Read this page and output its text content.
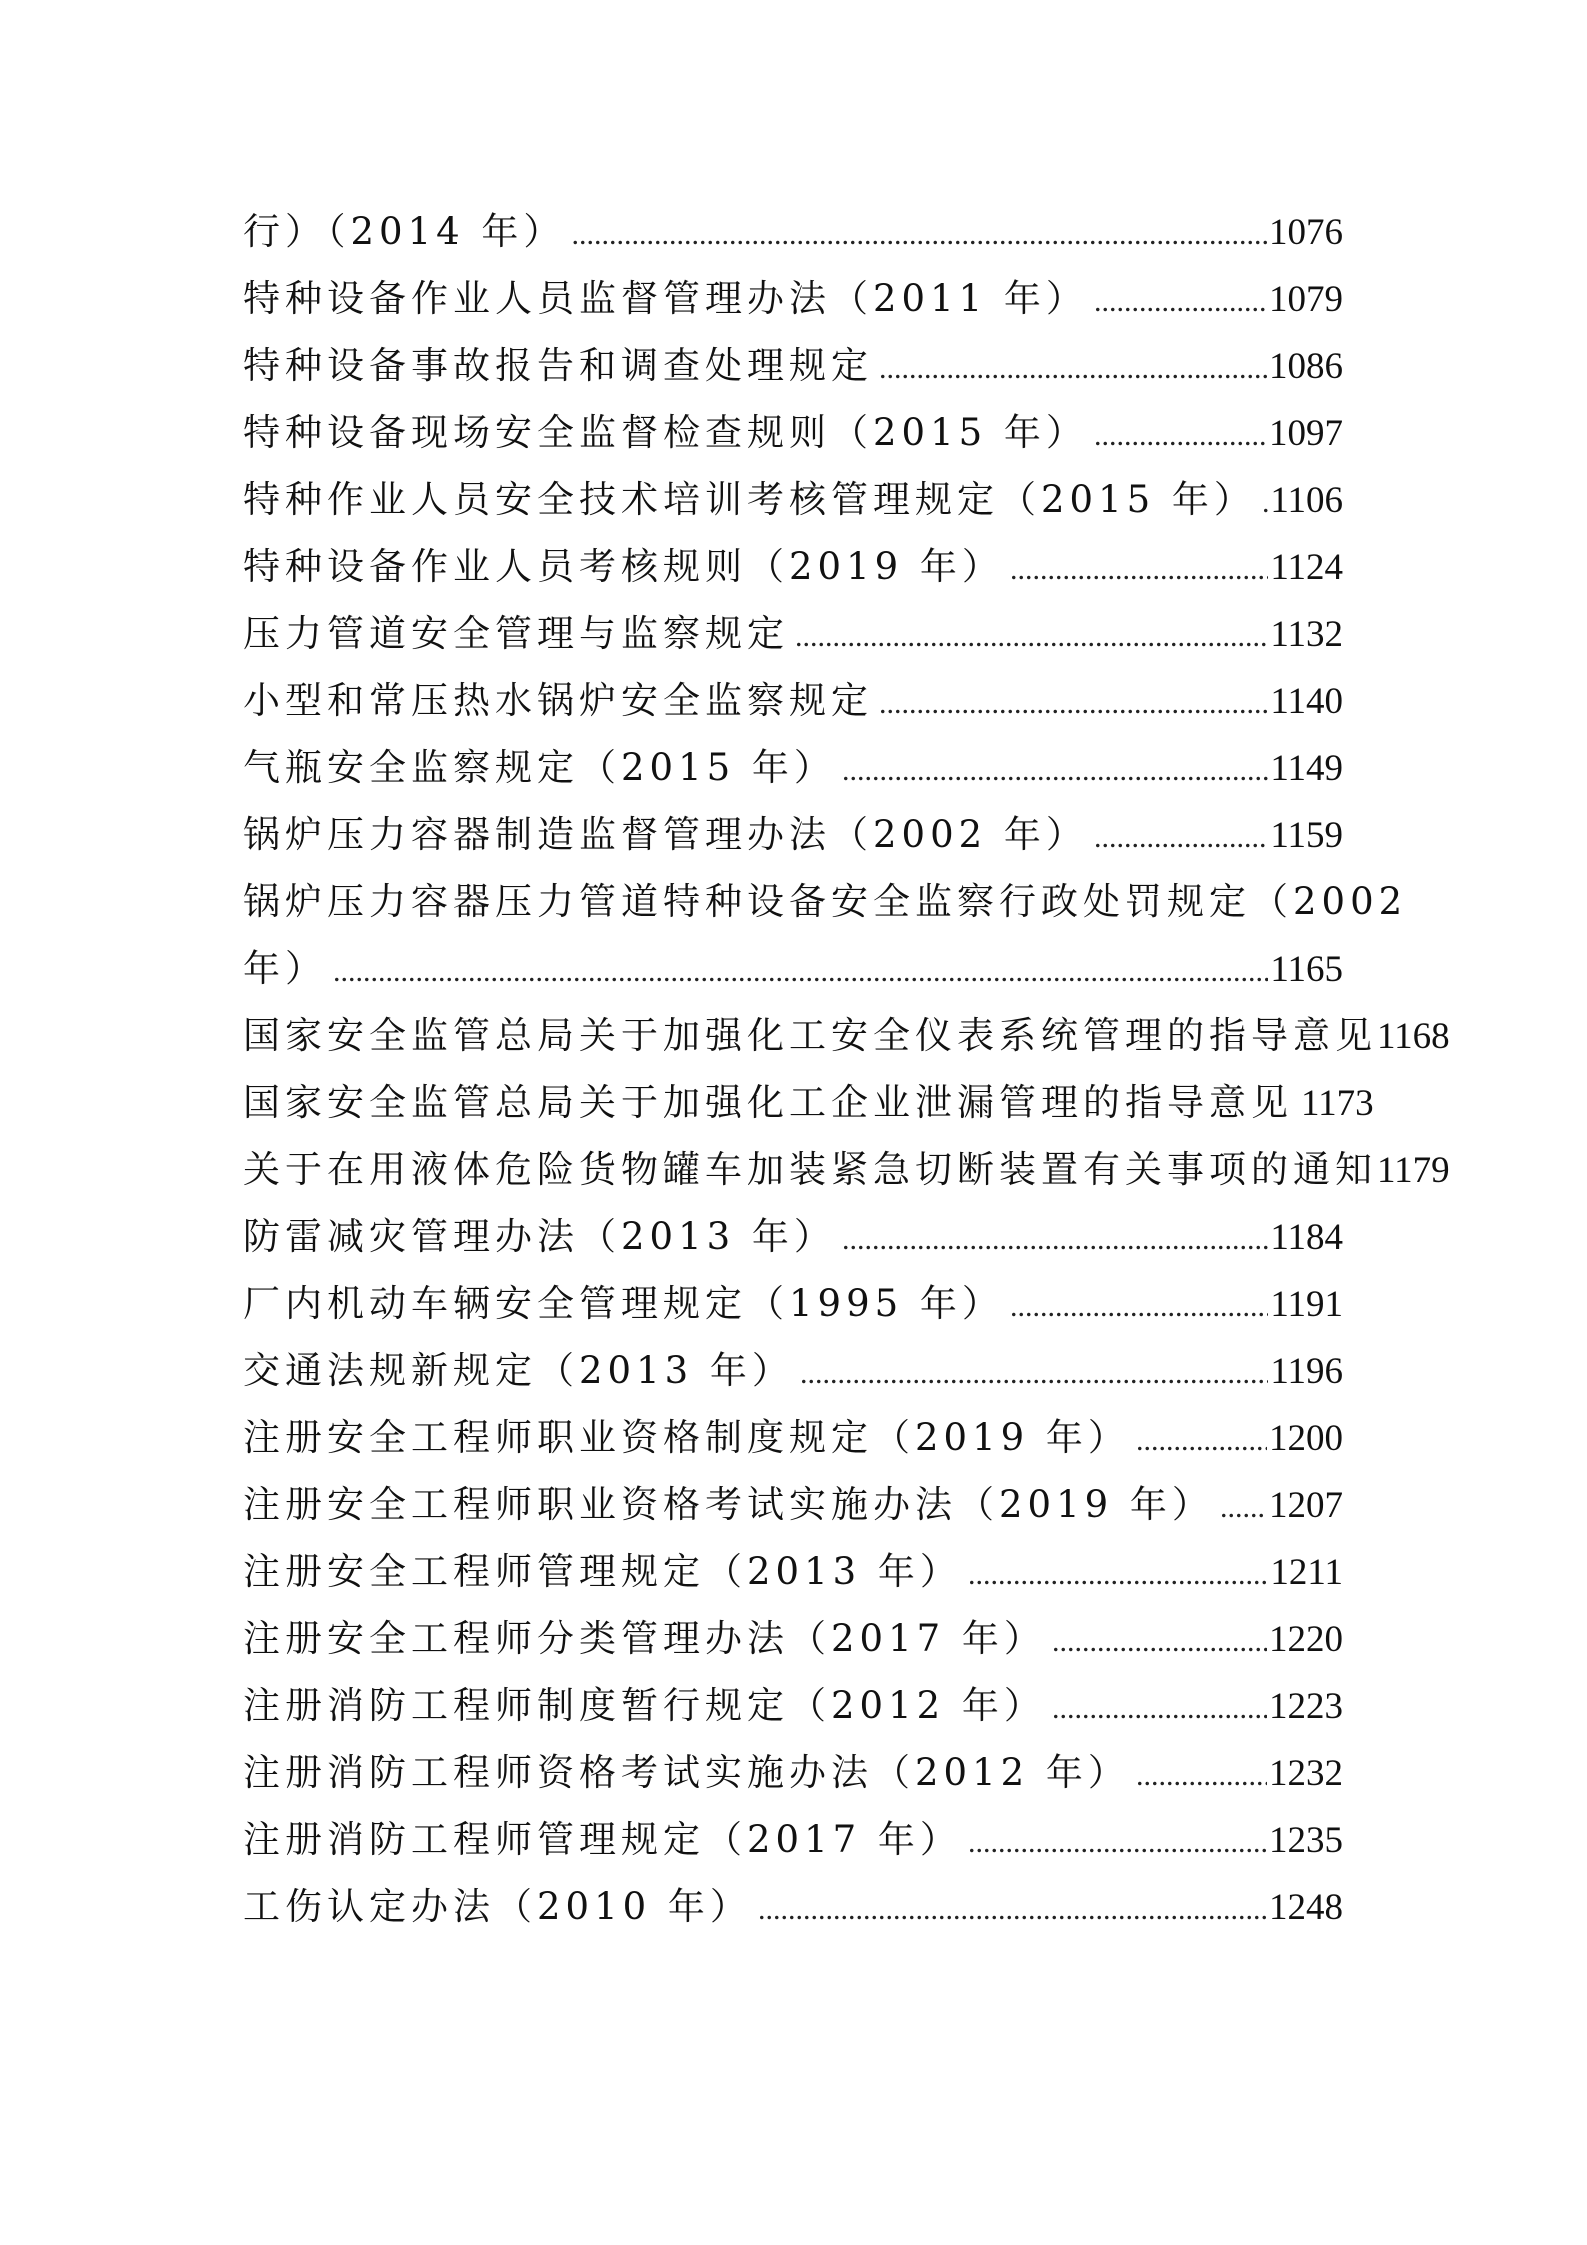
行）（2014 年） .....	1076
特种设备作业人员监督管理办法（2011 年） .....	1079
特种设备事故报告和调查处理规定 .....	1086
特种设备现场安全监督检查规则（2015 年） .....	1097
特种作业人员安全技术培训考核管理规定（2015 年） ..... 1106
特种设备作业人员考核规则（2019 年） .....	1124
压力管道安全管理与监察规定 .....	1132
小型和常压热水锅炉安全监察规定 .....	1140
气瓶安全监察规定（2015 年） .....	1149
锅炉压力容器制造监督管理办法（2002 年） .....	1159
锅炉压力容器压力管道特种设备安全监察行政处罚规定（2002
年） .....	1165
国家安全监管总局关于加强化工安全仪表系统管理的指导意见 1168
国家安全监管总局关于加强化工企业泄漏管理的指导意见 1173
关于在用液体危险货物罐车加装紧急切断装置有关事项的通知 1179
防雷减灾管理办法（2013 年） .....	1184
厂内机动车辆安全管理规定（1995 年） .....	1191
交通法规新规定（2013 年） .....	1196
注册安全工程师职业资格制度规定（2019 年） .....	1200
注册安全工程师职业资格考试实施办法（2019 年） ..... 1207
注册安全工程师管理规定（2013 年） .....	1211
注册安全工程师分类管理办法（2017 年） .....	1220
注册消防工程师制度暂行规定（2012 年） .....	1223
注册消防工程师资格考试实施办法（2012 年） .....	1232
注册消防工程师管理规定（2017 年） .....	1235
工伤认定办法（2010 年） .....	1248
